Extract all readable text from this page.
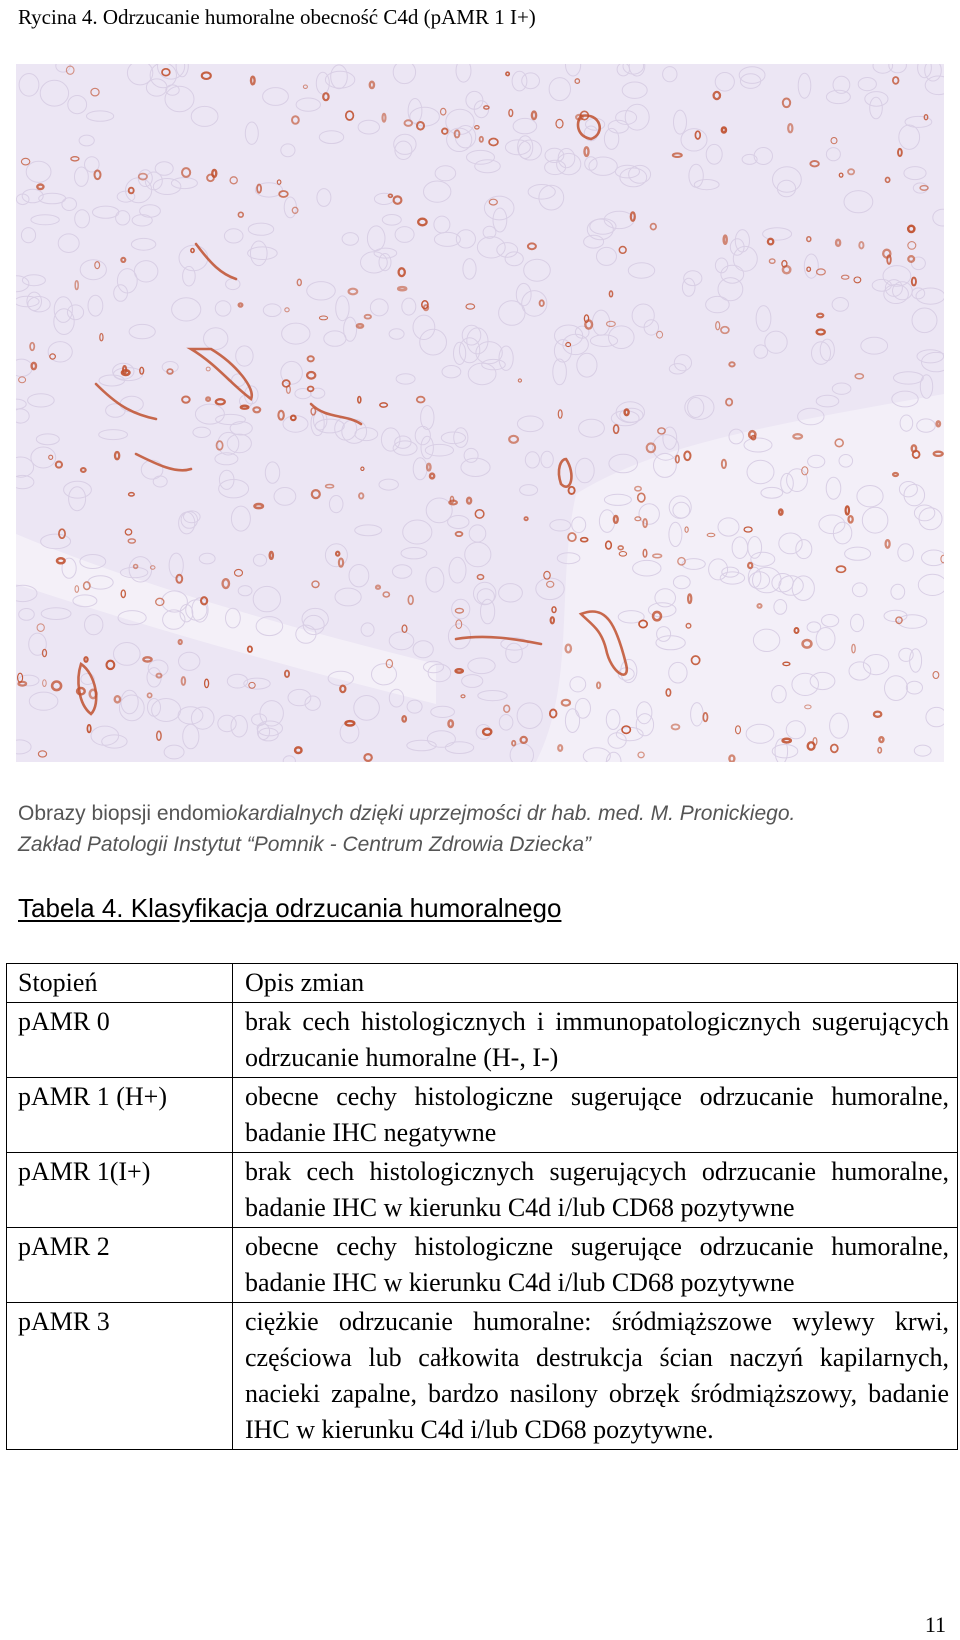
Rycina 4. Odrzucanie humoralne obecność C4d (pAMR 1 I+)
Obrazy biopsji endomiokardialnych dzięki uprzejmości dr hab. med. M. Pronickiego.
Zakład Patologii Instytut “Pomnik - Centrum Zdrowia Dziecka”
Tabela 4. Klasyfikacja odrzucania humoralnego
Stopień	Opis zmian
pAMR 0	brak cech histologicznych i immunopatologicznych sugerujących odrzucanie humoralne (H-, I-)
pAMR 1 (H+)	obecne cechy histologiczne sugerujące odrzucanie humoralne, badanie IHC negatywne
pAMR 1(I+)	brak cech histologicznych sugerujących odrzucanie humoralne, badanie IHC w kierunku C4d i/lub CD68 pozytywne
pAMR 2	obecne cechy histologiczne sugerujące odrzucanie humoralne, badanie IHC w kierunku C4d i/lub CD68 pozytywne
pAMR 3	ciężkie odrzucanie humoralne: śródmiąższowe wylewy krwi, częściowa lub całkowita destrukcja ścian naczyń kapilarnych, nacieki zapalne, bardzo nasilony obrzęk śródmiąższowy, badanie IHC w kierunku C4d i/lub CD68 pozytywne.
11
